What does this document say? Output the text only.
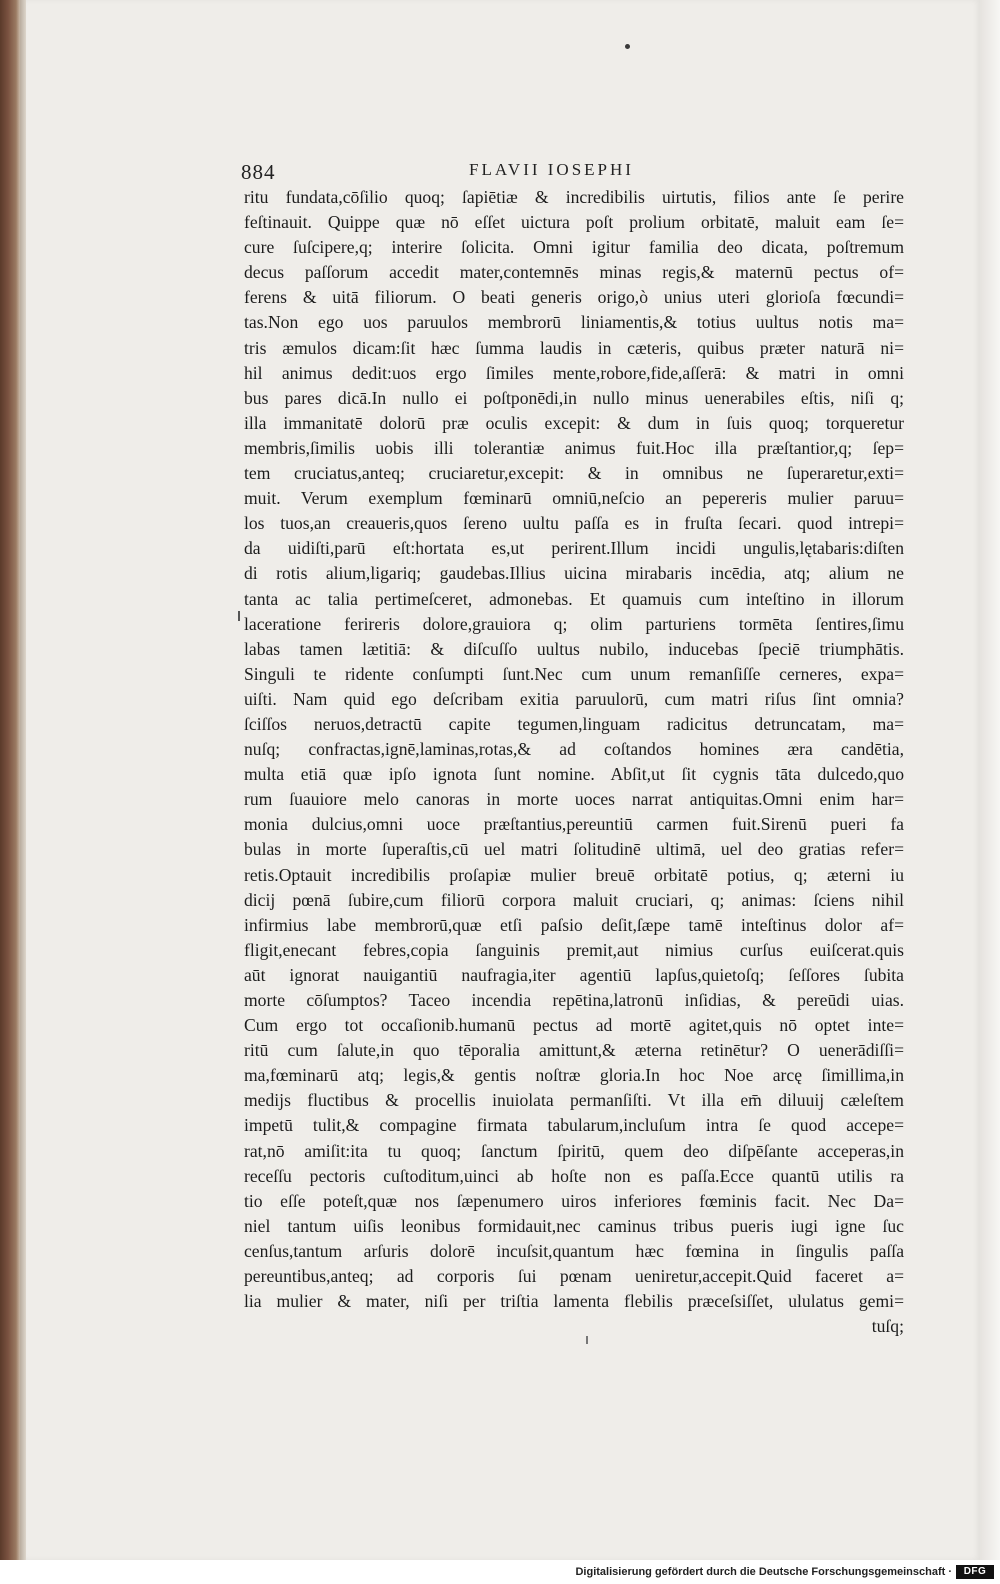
884	FLAVII IOSEPHI
ritu fundata,cōſilio quoq; ſapiētiæ & incredibilis uirtutis, filios ante ſe perire
feſtinauit. Quippe quæ nō eſſet uictura poſt prolium orbitatē, maluit eam ſe=
cure ſuſcipere,q; interire ſolicita. Omni igitur familia deo dicata, poſtremum
decus paſſorum accedit mater,contemnēs minas regis,& maternū pectus of=
ferens & uitā filiorum. O beati generis origo,ò unius uteri glorioſa fœcundi=
tas.Non ego uos paruulos membrorū liniamentis,& totius uultus notis ma=
tris æmulos dicam:ſit hæc ſumma laudis in cæteris, quibus præter naturā ni=
hil animus dedit:uos ergo ſimiles mente,robore,fide,aſſerā: & matri in omni
bus pares dicā.In nullo ei poſtponēdi,in nullo minus uenerabiles eſtis, niſi q;
illa immanitatē dolorū præ oculis excepit: & dum in ſuis quoq; torqueretur
membris,ſimilis uobis illi tolerantiæ animus fuit.Hoc illa præſtantior,q; ſep=
tem cruciatus,anteq; cruciaretur,excepit: & in omnibus ne ſuperaretur,exti=
muit. Verum exemplum fœminarū omniū,neſcio an pepereris mulier paruu=
los tuos,an creaueris,quos ſereno uultu paſſa es in fruſta ſecari. quod intrepi=
da uidiſti,parū eſt:hortata es,ut perirent.Illum incidi ungulis,lętabaris:diſten
di rotis alium,ligariq; gaudebas.Illius uicina mirabaris incēdia, atq; alium ne
tanta ac talia pertimeſceret, admonebas. Et quamuis cum inteſtino in illorum
laceratione ferireris dolore,grauiora q; olim parturiens tormēta ſentires,ſimu
labas tamen lætitiā: & diſcuſſo uultus nubilo, inducebas ſpeciē triumphātis.
Singuli te ridente conſumpti ſunt.Nec cum unum remanſiſſe cerneres, expa=
uiſti. Nam quid ego deſcribam exitia paruulorū, cum matri riſus ſint omnia?
ſciſſos neruos,detractū capite tegumen,linguam radicitus detruncatam, ma=
nuſq; confractas,ignē,laminas,rotas,& ad coſtandos homines æra candētia,
multa etiā quæ ipſo ignota ſunt nomine. Abſit,ut ſit cygnis tāta dulcedo,quo
rum ſuauiore melo canoras in morte uoces narrat antiquitas.Omni enim har=
monia dulcius,omni uoce præſtantius,pereuntiū carmen fuit.Sirenū pueri fa
bulas in morte ſuperaſtis,cū uel matri ſolitudinē ultimā, uel deo gratias refer=
retis.Optauit incredibilis proſapiæ mulier breuē orbitatē potius, q; æterni iu
dicij pœnā ſubire,cum filiorū corpora maluit cruciari, q; animas: ſciens nihil
infirmius labe membrorū,quæ etſi paſsio deſit,ſæpe tamē inteſtinus dolor af=
fligit,enecant febres,copia ſanguinis premit,aut nimius curſus euiſcerat.quis
aūt ignorat nauigantiū naufragia,iter agentiū lapſus,quietoſq; ſeſſores ſubita
morte cōſumptos? Taceo incendia repētina,latronū inſidias, & pereūdi uias.
Cum ergo tot occaſionib.humanū pectus ad mortē agitet,quis nō optet inte=
ritū cum ſalute,in quo tēporalia amittunt,& æterna retinētur? O uenerādiſſi=
ma,fœminarū atq; legis,& gentis noſtræ gloria.In hoc Noe arcę ſimillima,in
medijs fluctibus & procellis inuiolata permanſiſti. Vt illa em̄ diluuij cæleſtem
impetū tulit,& compagine firmata tabularum,incluſum intra ſe quod accepe=
rat,nō amiſit:ita tu quoq; ſanctum ſpiritū, quem deo diſpēſante acceperas,in
receſſu pectoris cuſtoditum,uinci ab hoſte non es paſſa.Ecce quantū utilis ra
tio eſſe poteſt,quæ nos ſæpenumero uiros inferiores fœminis facit. Nec Da=
niel tantum uiſis leonibus formidauit,nec caminus tribus pueris iugi igne ſuc
cenſus,tantum arſuris dolorē incuſsit,quantum hæc fœmina in ſingulis paſſa
pereuntibus,anteq; ad corporis ſui pœnam ueniretur,accepit.Quid faceret a=
lia mulier & mater, niſi per triſtia lamenta flebilis præceſsiſſet, ululatus gemi=
tuſq;
Digitalisierung gefördert durch die Deutsche Forschungsgemeinschaft ·	DFG
